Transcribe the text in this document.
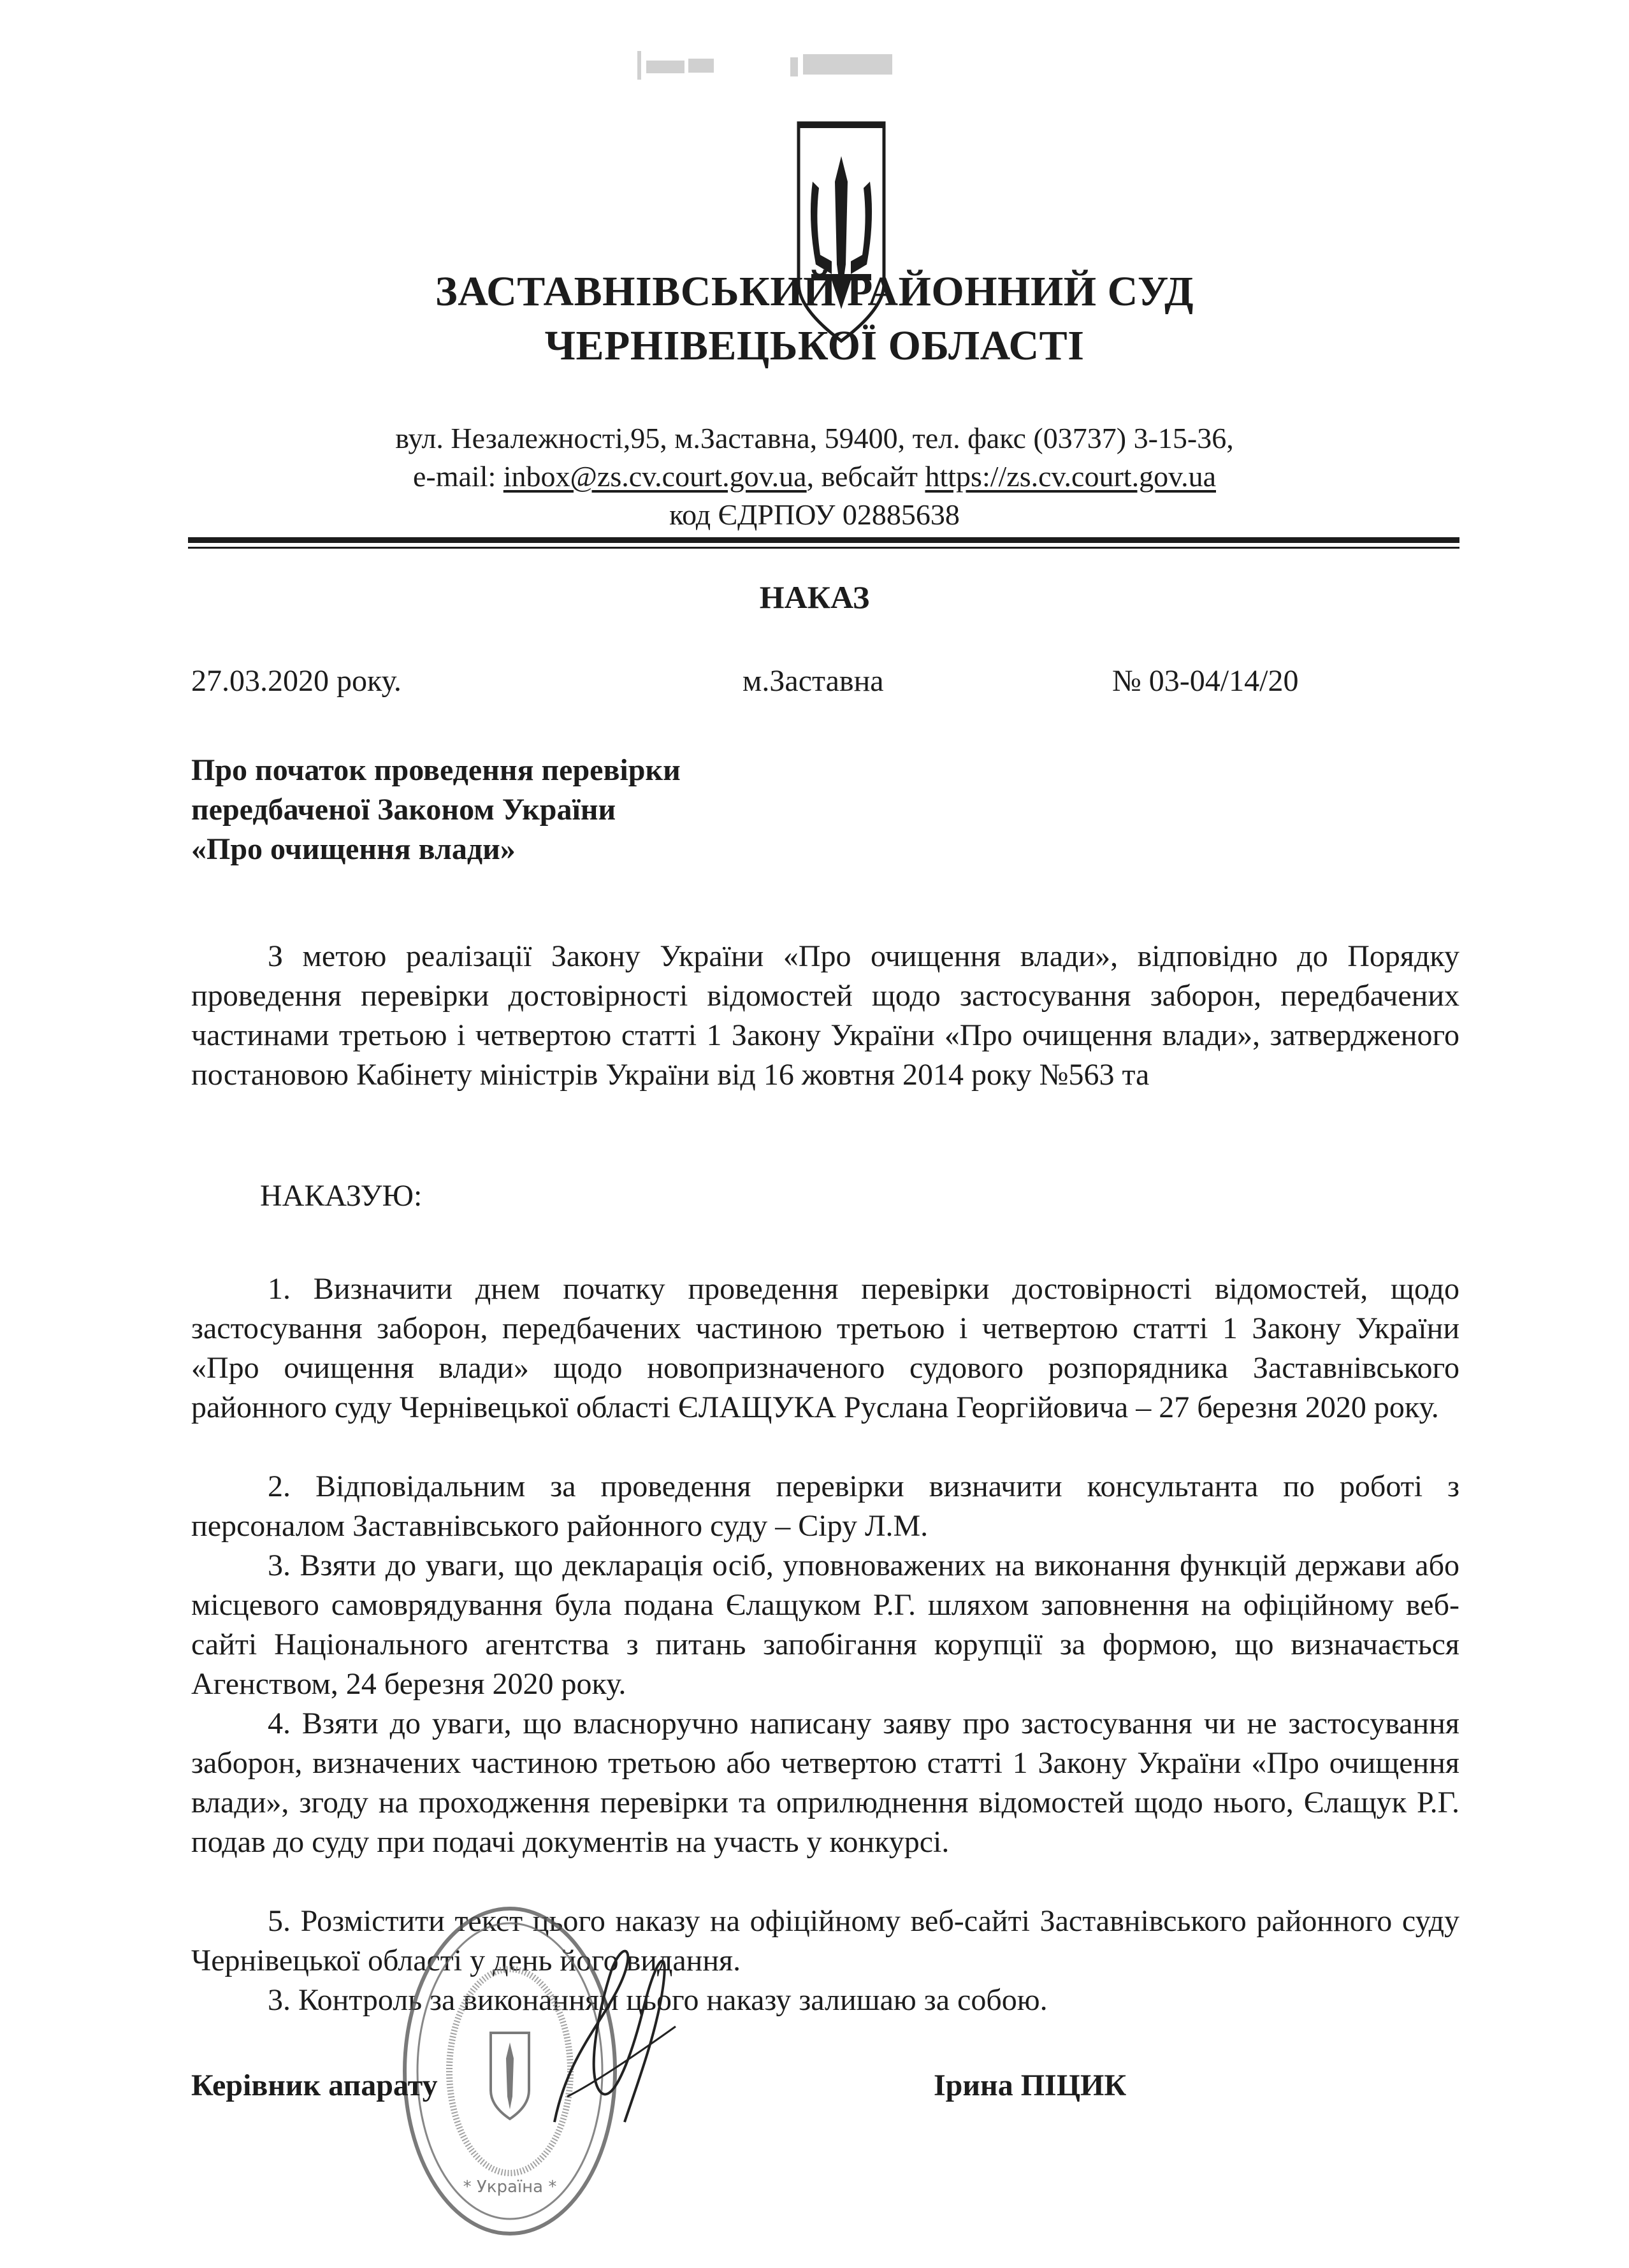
ЗАСТАВНІВСЬКИЙ РАЙОННИЙ СУД
ЧЕРНІВЕЦЬКОЇ ОБЛАСТІ
вул. Незалежності,95, м.Заставна, 59400, тел. факс (03737) 3-15-36,
e-mail: inbox@zs.cv.court.gov.ua, вебсайт https://zs.cv.court.gov.ua
код ЄДРПОУ 02885638
НАКАЗ
27.03.2020 року.	м.Заставна	№ 03-04/14/20
Про початок проведення перевірки
передбаченої Законом України
«Про очищення влади»
З метою реалізації Закону України «Про очищення влади», відповідно до Порядку проведення перевірки достовірності відомостей щодо застосування заборон, передбачених частинами третьою і четвертою статті 1 Закону України «Про очищення влади», затвердженого постановою Кабінету міністрів України від 16 жовтня 2014 року №563 та
НАКАЗУЮ:
1. Визначити днем початку проведення перевірки достовірності відомостей, щодо застосування заборон, передбачених частиною третьою і четвертою статті 1 Закону України «Про очищення влади» щодо новопризначеного судового розпорядника Заставнівського районного суду Чернівецької області ЄЛАЩУКА Руслана Георгійовича – 27 березня 2020 року.
2. Відповідальним за проведення перевірки визначити консультанта по роботі з персоналом Заставнівського районного суду – Сіру Л.М.
3. Взяти до уваги, що декларація осіб, уповноважених на виконання функцій держави або місцевого самоврядування була подана Єлащуком Р.Г. шляхом заповнення на офіційному веб-сайті Національного агентства з питань запобігання корупції за формою, що визначається Агенством, 24 березня 2020 року.
4. Взяти до уваги, що власноручно написану заяву про застосування чи не застосування заборон, визначених частиною третьою або четвертою статті 1 Закону України «Про очищення влади», згоду на проходження перевірки та оприлюднення відомостей щодо нього, Єлащук Р.Г. подав до суду при подачі документів на участь у конкурсі.
5. Розмістити текст цього наказу на офіційному веб-сайті Заставнівського районного суду Чернівецької області у день його видання.
3. Контроль за виконанням цього наказу залишаю за собою.
* Україна *
Керівник апарату	Ірина ПІЦИК
